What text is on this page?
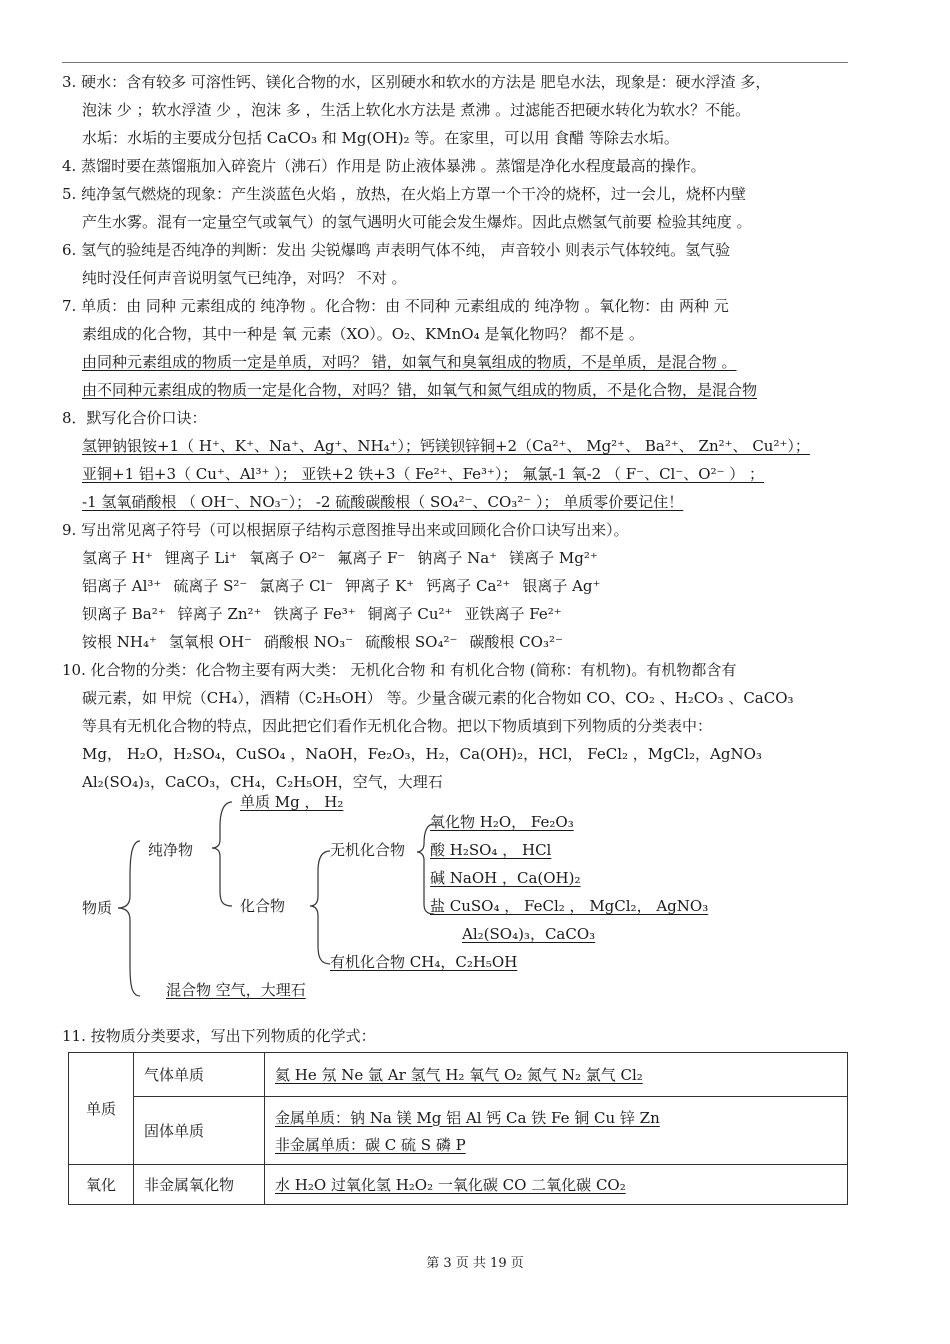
3. 硬水：含有较多 可溶性钙、镁化合物的水，区别硬水和软水的方法是 肥皂水法，现象是：硬水浮渣 多，
泡沫 少 ；软水浮渣 少 ，泡沫 多 ，生活上软化水方法是 煮沸 。过滤能否把硬水转化为软水？不能。
水垢：水垢的主要成分包括 CaCO₃ 和 Mg(OH)₂ 等。在家里，可以用 食醋 等除去水垢。
4. 蒸馏时要在蒸馏瓶加入碎瓷片（沸石）作用是 防止液体暴沸 。蒸馏是净化水程度最高的操作。
5. 纯净氢气燃烧的现象：产生淡蓝色火焰 ，放热，在火焰上方罩一个干冷的烧杯，过一会儿，烧杯内壁
产生水雾。混有一定量空气或氧气）的氢气遇明火可能会发生爆炸。因此点燃氢气前要 检验其纯度 。
6. 氢气的验纯是否纯净的判断：发出 尖锐爆鸣 声表明气体不纯， 声音较小 则表示气体较纯。氢气验
纯时没任何声音说明氢气已纯净，对吗？ 不对 。
7. 单质：由 同种 元素组成的 纯净物 。化合物：由 不同种 元素组成的 纯净物 。氧化物：由 两种 元
素组成的化合物，其中一种是 氧 元素（XO）。O₂、KMnO₄ 是氧化物吗？ 都不是 。
由同种元素组成的物质一定是单质，对吗？ 错，如氧气和臭氧组成的物质，不是单质，是混合物 。
由不同种元素组成的物质一定是化合物，对吗？错，如氧气和氮气组成的物质，不是化合物，是混合物
8．默写化合价口诀：
氢钾钠银铵+1（ H⁺、K⁺、Na⁺、Ag⁺、NH₄⁺）；钙镁钡锌铜+2（Ca²⁺、 Mg²⁺、 Ba²⁺、 Zn²⁺、 Cu²⁺）；
亚铜+1 铝+3（ Cu⁺、Al³⁺ ）； 亚铁+2 铁+3（ Fe²⁺、Fe³⁺）； 氟氯-1 氧-2 （ F⁻、Cl⁻、O²⁻ ） ；
-1 氢氧硝酸根 （ OH⁻、NO₃⁻）； -2 硫酸碳酸根（ SO₄²⁻、CO₃²⁻ ）； 单质零价要记住！
9. 写出常见离子符号（可以根据原子结构示意图推导出来或回顾化合价口诀写出来）。
氢离子 H⁺ 锂离子 Li⁺ 氧离子 O²⁻ 氟离子 F⁻ 钠离子 Na⁺ 镁离子 Mg²⁺
铝离子 Al³⁺ 硫离子 S²⁻ 氯离子 Cl⁻ 钾离子 K⁺ 钙离子 Ca²⁺ 银离子 Ag⁺
钡离子 Ba²⁺ 锌离子 Zn²⁺ 铁离子 Fe³⁺ 铜离子 Cu²⁺ 亚铁离子 Fe²⁺
铵根 NH₄⁺ 氢氧根 OH⁻ 硝酸根 NO₃⁻ 硫酸根 SO₄²⁻ 碳酸根 CO₃²⁻
10. 化合物的分类：化合物主要有两大类： 无机化合物 和 有机化合物 (简称：有机物)。有机物都含有
碳元素，如 甲烷（CH₄），酒精（C₂H₅OH） 等。少量含碳元素的化合物如 CO、CO₂ 、H₂CO₃ 、CaCO₃
等具有无机化合物的特点，因此把它们看作无机化合物。把以下物质填到下列物质的分类表中：
Mg， H₂O，H₂SO₄，CuSO₄ ，NaOH，Fe₂O₃，H₂，Ca(OH)₂，HCl， FeCl₂ ，MgCl₂，AgNO₃
Al₂(SO₄)₃，CaCO₃，CH₄，C₂H₅OH，空气，大理石
物质
纯净物
单质 Mg ， H₂
化合物
无机化合物
氧化物 H₂O， Fe₂O₃
酸 H₂SO₄ ， HCl
碱 NaOH ，Ca(OH)₂
盐 CuSO₄ ， FeCl₂ ， MgCl₂， AgNO₃
Al₂(SO₄)₃，CaCO₃
有机化合物 CH₄，C₂H₅OH
混合物 空气，大理石
11. 按物质分类要求，写出下列物质的化学式：
单质	气体单质	氦 He 氖 Ne 氩 Ar 氢气 H₂ 氧气 O₂ 氮气 N₂ 氯气 Cl₂
	固体单质	金属单质：钠 Na 镁 Mg 铝 Al 钙 Ca 铁 Fe 铜 Cu 锌 Zn
非金属单质：碳 C 硫 S 磷 P

氧化	非金属氧化物	水 H₂O 过氧化氢 H₂O₂ 一氧化碳 CO 二氧化碳 CO₂
第 3 页 共 19 页
